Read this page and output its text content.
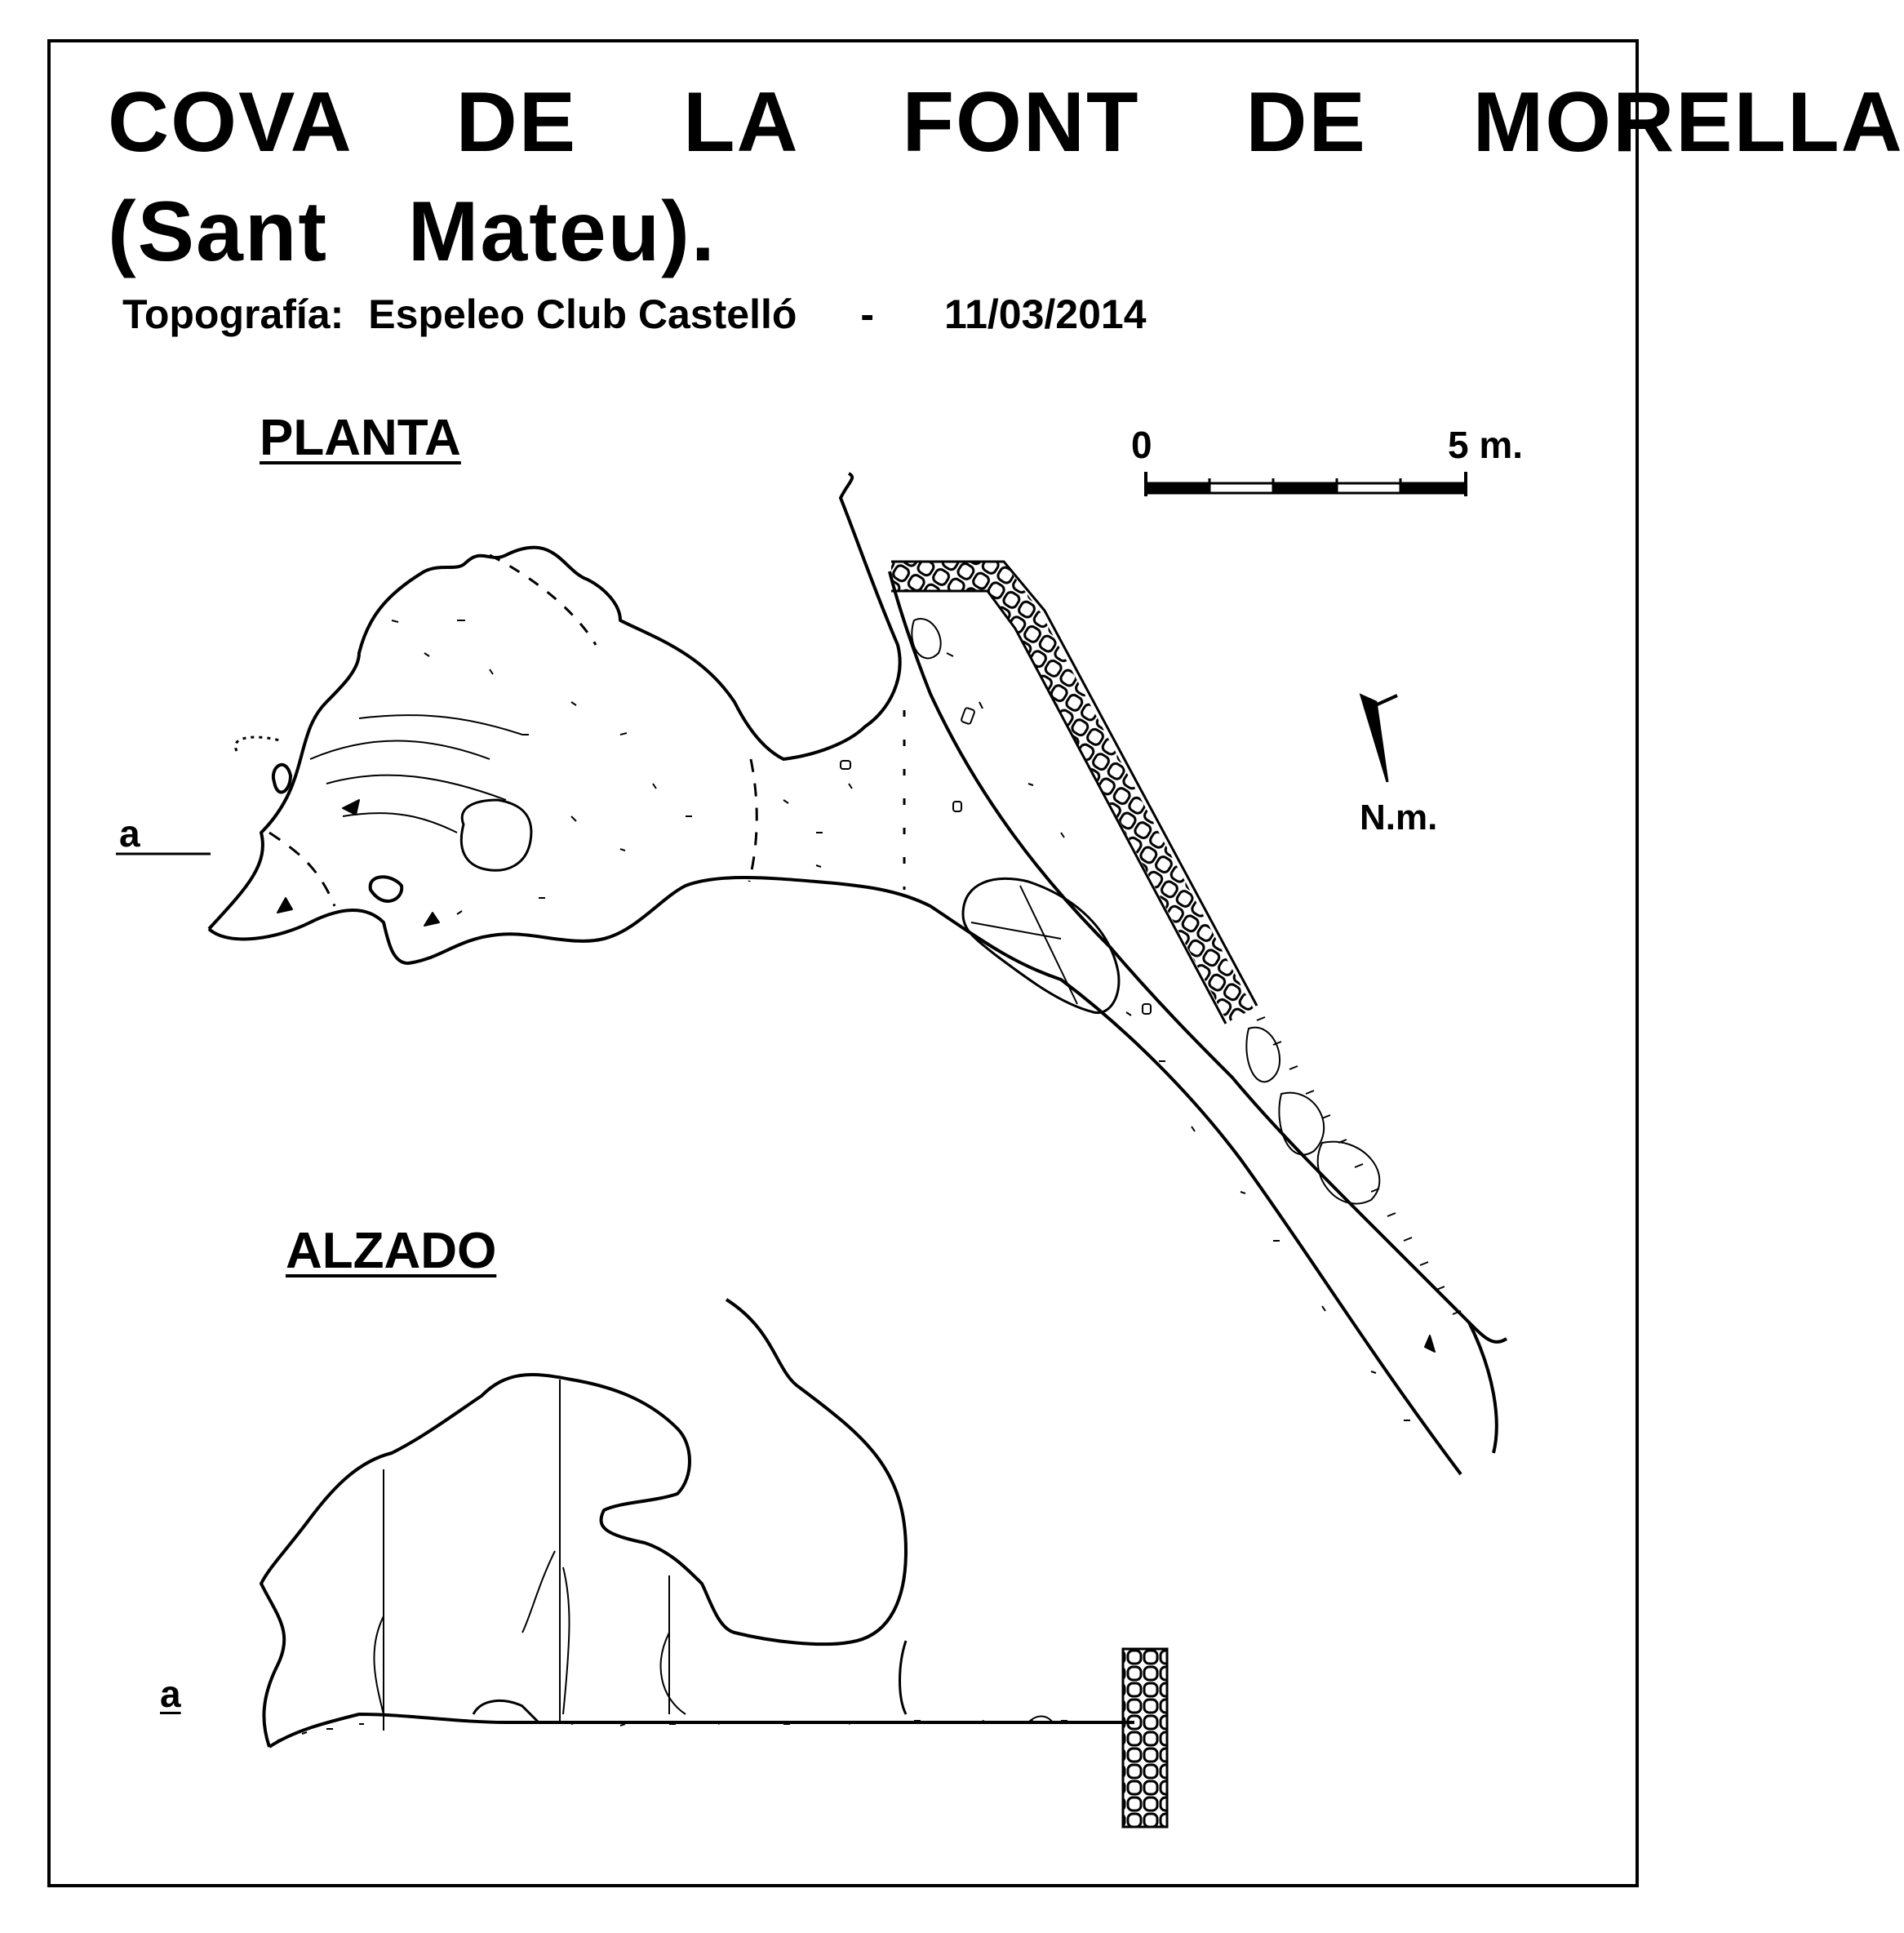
COVA  DE  LA  FONT  DE  MORELLA
(Sant  Mateu).
Topografía: Espeleo Club Castelló - 11/03/2014
PLANTA
ALZADO
a
a
0	5 m.
N.m.
